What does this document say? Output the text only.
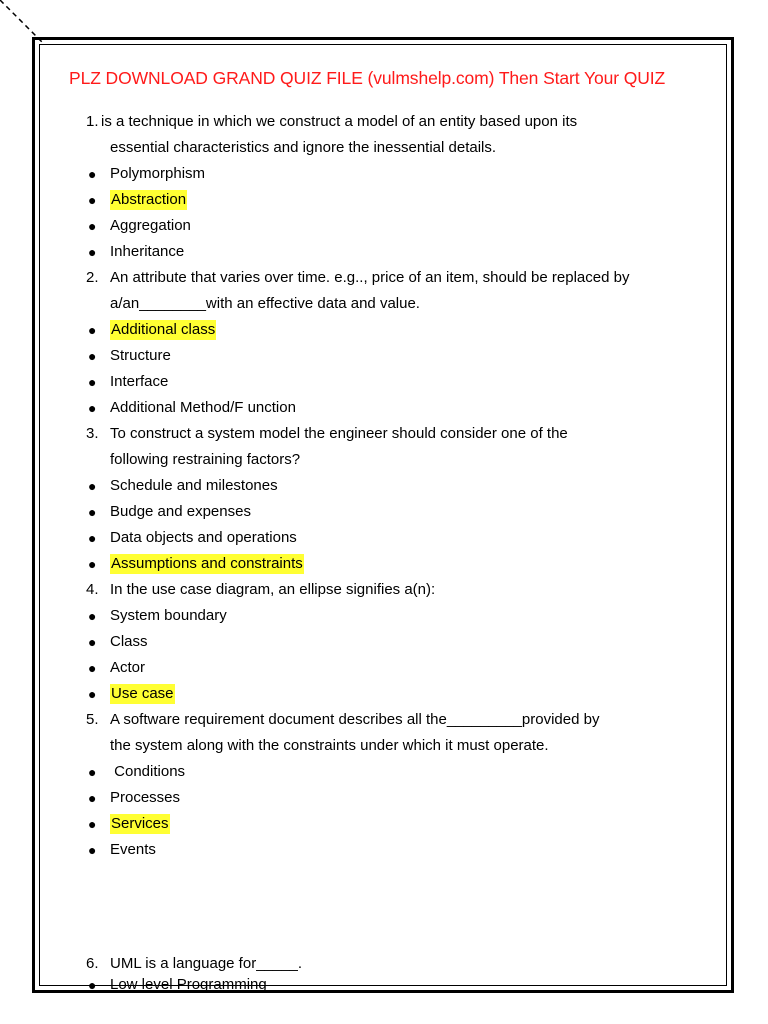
PLZ DOWNLOAD GRAND QUIZ FILE (vulmshelp.com) Then Start Your QUIZ
1. is a technique in which we construct a model of an entity based upon its
essential characteristics and ignore the inessential details.
● Polymorphism
● Abstraction
● Aggregation
● Inheritance
2. An attribute that varies over time. e.g.., price of an item, should be replaced by
a/an________with an effective data and value.
● Additional class
● Structure
● Interface
● Additional Method/F unction
3. To construct a system model the engineer should consider one of the
following restraining factors?
● Schedule and milestones
● Budge and expenses
● Data objects and operations
● Assumptions and constraints
4. In the use case diagram, an ellipse signifies a(n):
● System boundary
● Class
● Actor
● Use case
5. A software requirement document describes all the_________provided by
the system along with the constraints under which it must operate.
● Conditions
● Processes
● Services
● Events
6. UML is a language for_____.
● Low level Programming
